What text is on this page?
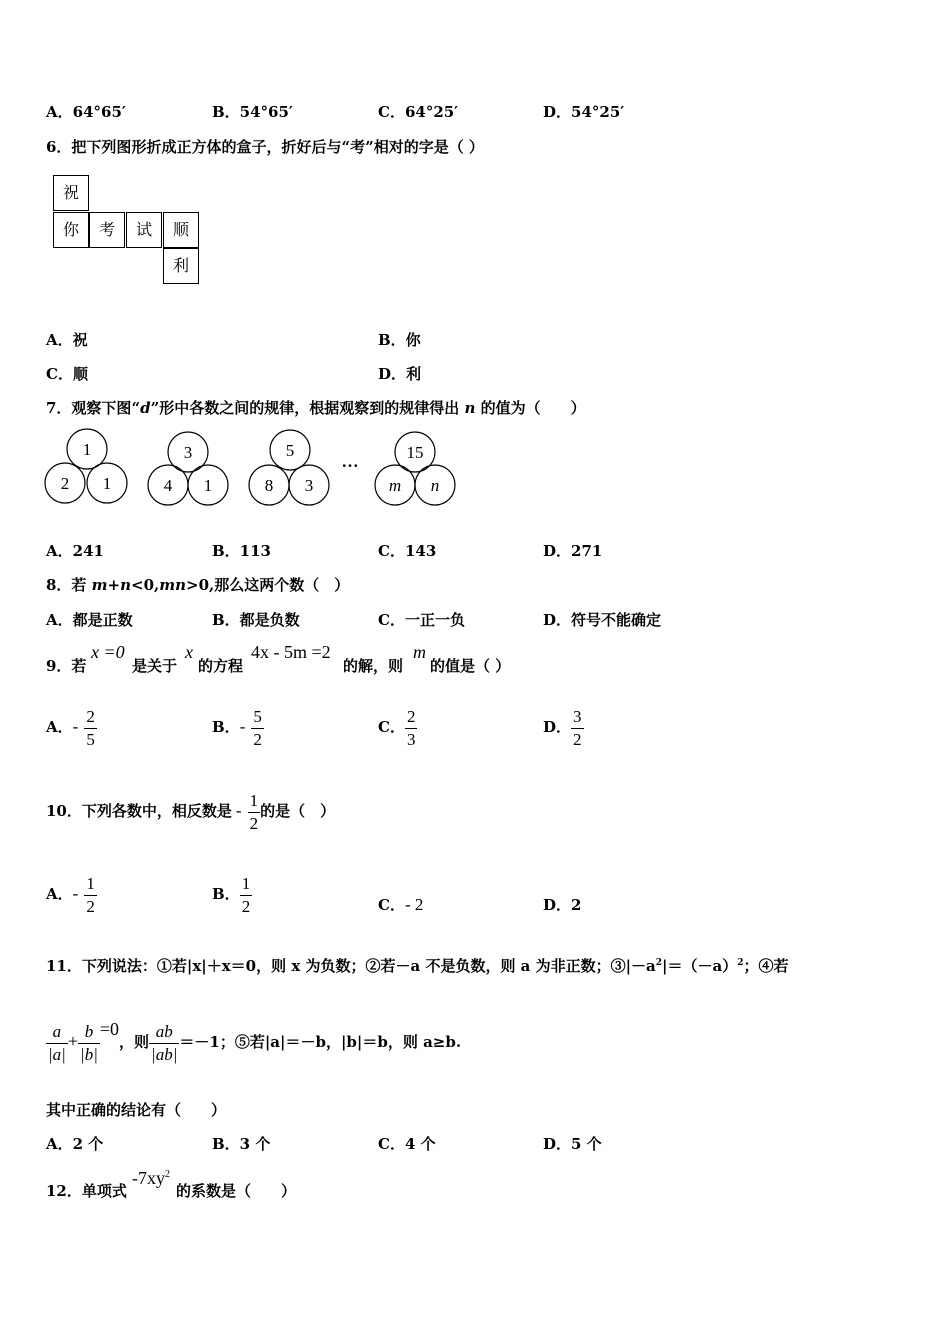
A．64°65′	B．54°65′	C．64°25′	D．54°25′
6．把下列图形折成正方体的盒子，折好后与“考”相对的字是（ ）
祝
你	考	试	顺
利
A．祝	B．你
C．顺	D．利
7．观察下图“d”形中各数之间的规律，根据观察到的规律得出 n 的值为（　　）
1
2 1
3
4 1
5
8 3
…	15
m n
A．241	B．113	C．143	D．271
8．若 m+n<0,mn>0,那么这两个数（　）
A．都是正数	B．都是负数	C．一正一负	D．符号不能确定
9．若
x =0
是关于
x
的方程
4x - 5m =2
的解，则
m
的值是（ ）
A．- $\frac{2}{5}$	B．- $\frac{5}{2}$	C． $\frac{2}{3}$	D． $\frac{3}{2}$
10．下列各数中，相反数是 - $\frac{1}{2}$ 的是（　）
A．- $\frac{1}{2}$	B． $\frac{1}{2}$	C．- 2	D．2
11．下列说法：①若|x|＋x＝0，则 x 为负数；②若－a 不是负数，则 a 为非正数；$③|-a^2|=(-a)^2$；④若
$\frac{a}{|a|} + \frac{b}{|b|} =0$，则 $\frac{ab}{|ab|} =-1$；⑤若|a|＝－b，|b|＝b，则 a≥b.
其中正确的结论有（　　）
A．2 个	B．3 个	C．4 个	D．5 个
12．单项式
$-7xy^2$
的系数是（　　）
